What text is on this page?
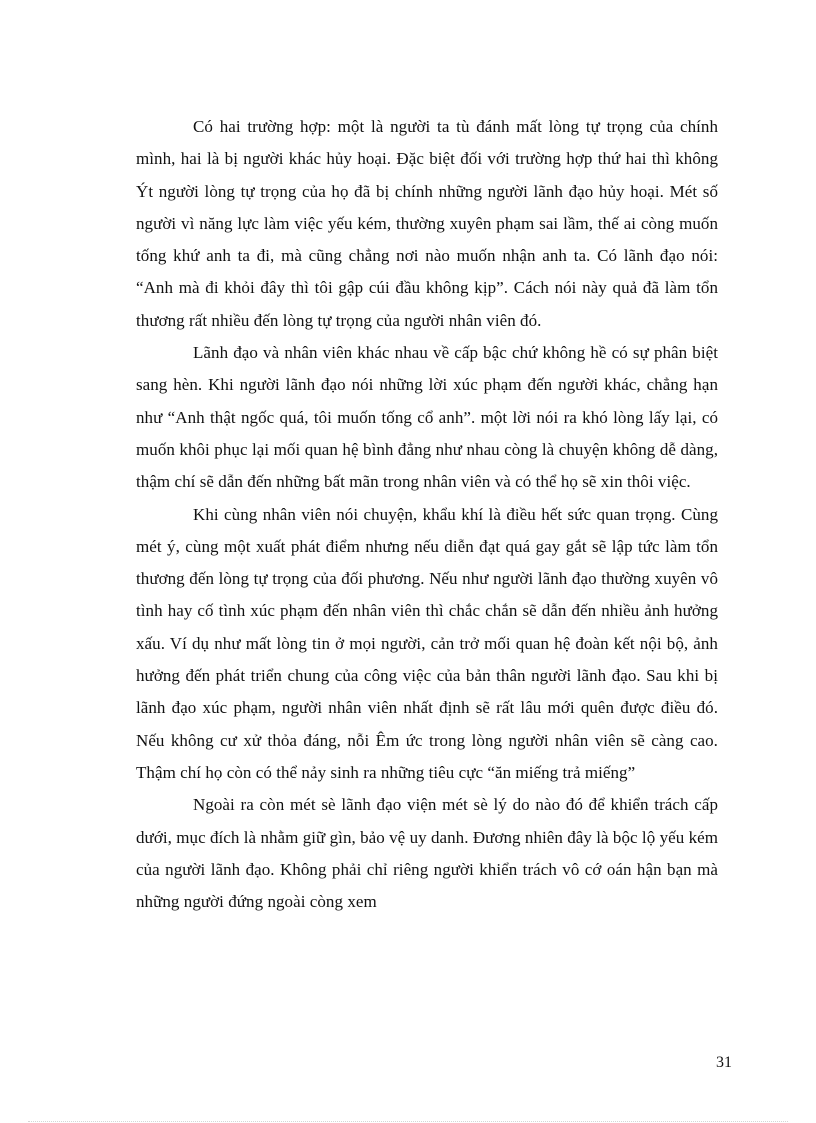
Có hai trường hợp: một là người ta tù đánh mất lòng tự trọng của chính mình, hai là bị người khác hủy hoại. Đặc biệt đối với trường hợp thứ hai thì không Ýt người lòng tự trọng của họ đã bị chính những người lãnh đạo hủy hoại. Mét số người vì năng lực làm việc yếu kém, thường xuyên phạm sai lầm, thế ai còng muốn tống khứ anh ta đi, mà cũng chẳng nơi nào muốn nhận anh ta. Có lãnh đạo nói: “Anh mà đi khỏi đây thì tôi gập cúi đầu không kịp”. Cách nói này quả đã làm tổn thương rất nhiều đến lòng tự trọng của người nhân viên đó.

Lãnh đạo và nhân viên khác nhau về cấp bậc chứ không hề có sự phân biệt sang hèn. Khi người lãnh đạo nói những lời xúc phạm đến người khác, chẳng hạn như “Anh thật ngốc quá, tôi muốn tống cổ anh”. một lời nói ra khó lòng lấy lại, có muốn khôi phục lại mối quan hệ bình đẳng như nhau còng là chuyện không dễ dàng, thậm chí sẽ dẫn đến những bất mãn trong nhân viên và có thể họ sẽ xin thôi việc.

Khi cùng nhân viên nói chuyện, khẩu khí là điều hết sức quan trọng. Cùng mét ý, cùng một xuất phát điểm nhưng nếu diễn đạt quá gay gắt sẽ lập tức làm tổn thương đến lòng tự trọng của đối phương. Nếu như người lãnh đạo thường xuyên vô tình hay cố tình xúc phạm đến nhân viên thì chắc chắn sẽ dẫn đến nhiều ảnh hưởng xấu. Ví dụ như mất lòng tin ở mọi người, cản trở mối quan hệ đoàn kết nội bộ, ảnh hưởng đến phát triển chung của công việc của bản thân người lãnh đạo. Sau khi bị lãnh đạo xúc phạm, người nhân viên nhất định sẽ rất lâu mới quên được điều đó. Nếu không cư xử thỏa đáng, nỗi Êm ức trong lòng người nhân viên sẽ càng cao. Thậm chí họ còn có thể nảy sinh ra những tiêu cực “ăn miếng trả miếng”

Ngoài ra còn mét sè lãnh đạo viện mét sè lý do nào đó để khiển trách cấp dưới, mục đích là nhằm giữ gìn, bảo vệ uy danh. Đương nhiên đây là bộc lộ yếu kém của người lãnh đạo. Không phải chỉ riêng người khiển trách vô cớ oán hận bạn mà những người đứng ngoài còng xem

31
